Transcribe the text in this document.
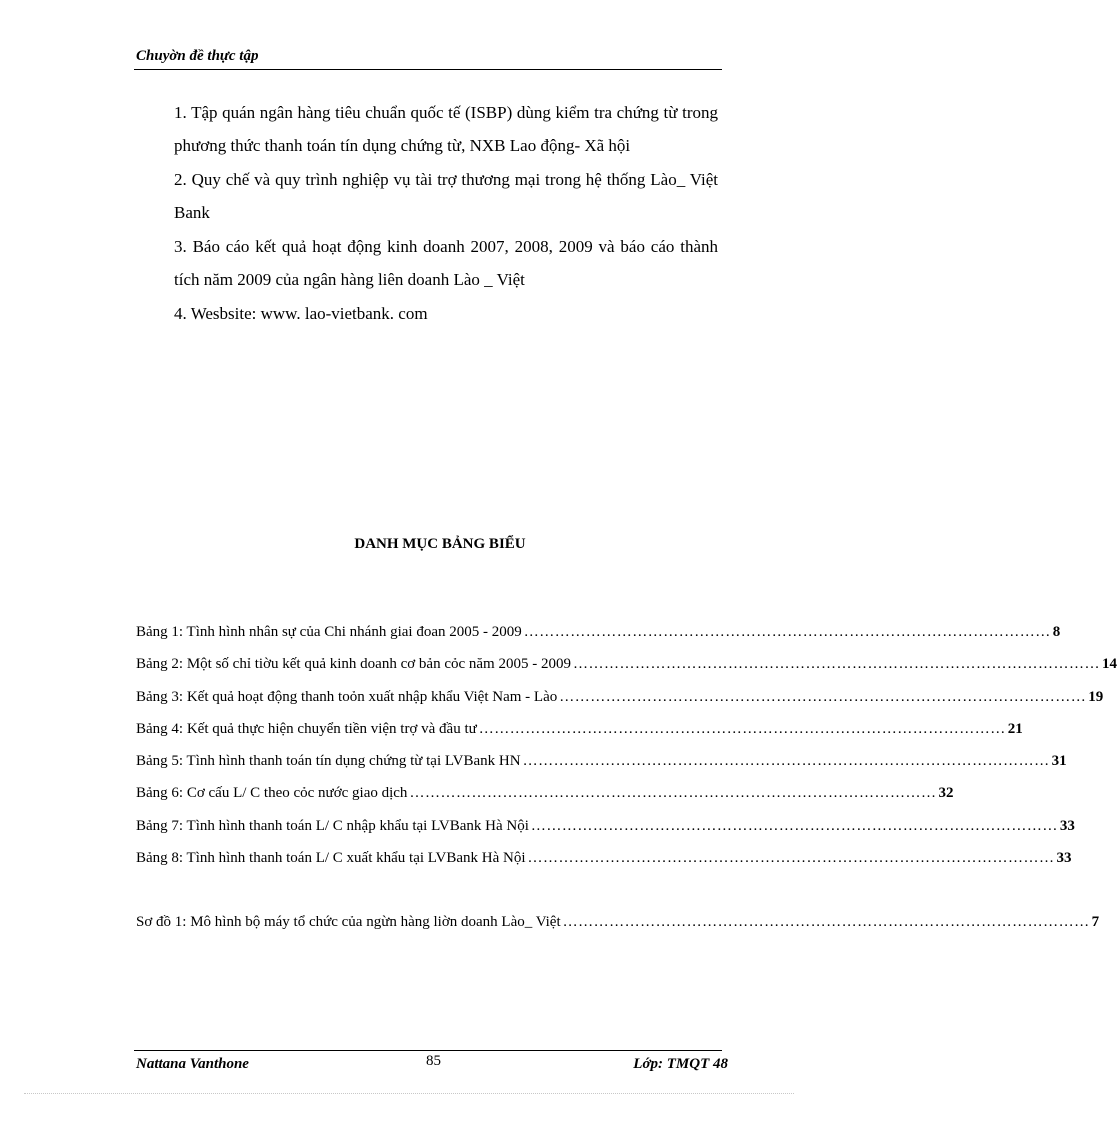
Chuyờn đề thực tập

1. Tập quán ngân hàng tiêu chuẩn quốc tế (ISBP) dùng kiểm tra chứng từ trong phương thức thanh toán tín dụng chứng từ, NXB Lao động- Xã hội

2. Quy chế và quy trình nghiệp vụ tài trợ thương mại trong hệ thống Lào_ Việt Bank

3. Báo cáo kết quả hoạt động kinh doanh 2007, 2008, 2009 và báo cáo thành tích năm 2009 của ngân hàng liên doanh Lào _ Việt

4. Wesbsite: www. lao-vietbank. com

DANH MỤC BẢNG BIỂU
Bảng 1: Tình hình nhân sự của Chi nhánh giai đoan 2005 - 2009 ………………………………………………………………………………………… 8
Bảng 2: Một số chỉ tiờu kết quả kinh doanh cơ bản cỏc năm 2005 - 2009 ………………………………………………………………………………………… 14
Bảng 3: Kết quả hoạt động thanh toỏn xuất nhập khẩu Việt Nam - Lào ………………………………………………………………………………………… 19
Bảng 4: Kết quả thực hiện chuyển tiền viện trợ và đầu tư ………………………………………………………………………………………… 21
Bảng 5: Tình hình thanh toán tín dụng chứng từ tại LVBank HN ………………………………………………………………………………………… 31
Bảng 6: Cơ cấu L/ C theo cỏc nước giao dịch ………………………………………………………………………………………… 32
Bảng 7: Tình hình thanh toán L/ C nhập khẩu tại LVBank Hà Nội ………………………………………………………………………………………… 33
Bảng 8: Tình hình thanh toán L/ C xuất khẩu tại LVBank Hà Nội ………………………………………………………………………………………… 33
Sơ đồ 1: Mô hình bộ máy tổ chức của ngừn hàng liờn doanh Lào_ Việt ………………………………………………………………………………………… 7
Nattana Vanthone	85	Lớp: TMQT 48
